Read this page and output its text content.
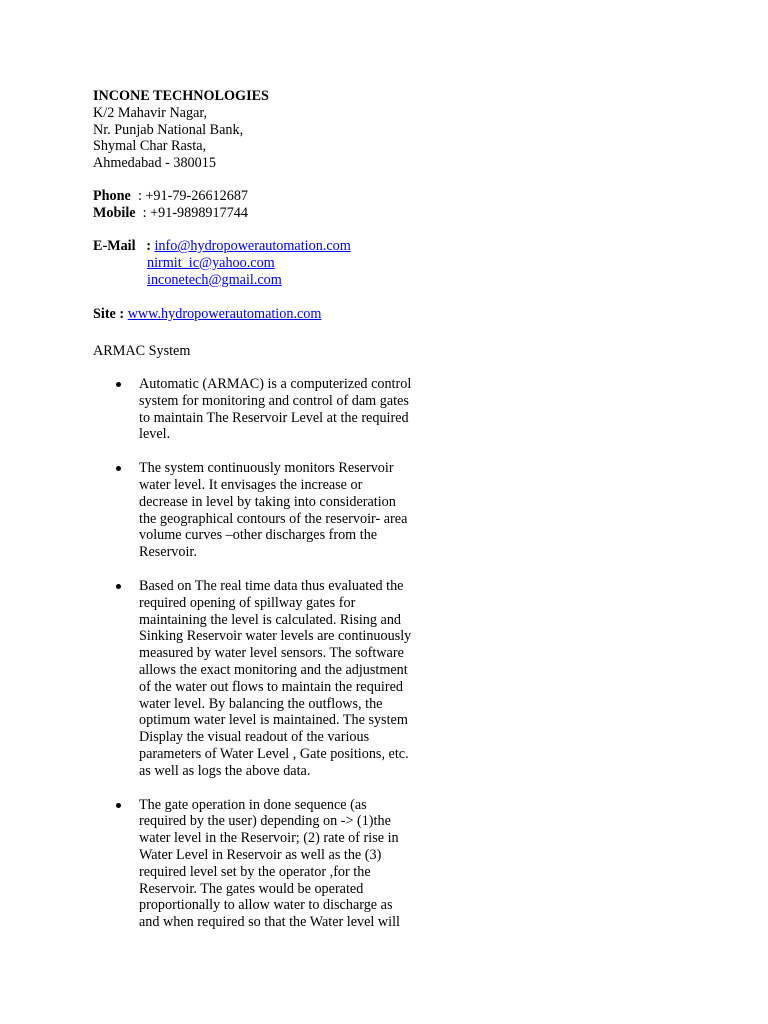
INCONE TECHNOLOGIES
K/2 Mahavir Nagar,
Nr. Punjab National Bank,
Shymal Char Rasta,
Ahmedabad - 380015
Phone : +91-79-26612687
Mobile : +91-9898917744
E-Mail : info@hydropowerautomation.com
nirmit_ic@yahoo.com
inconetech@gmail.com
Site : www.hydropowerautomation.com
ARMAC System
Automatic (ARMAC) is a computerized control
system for monitoring and control of dam gates
to maintain The Reservoir Level at the required
level.
The system continuously monitors Reservoir
water level. It envisages the increase or
decrease in level by taking into consideration
the geographical contours of the reservoir- area
volume curves –other discharges from the
Reservoir.
Based on The real time data thus evaluated the
required opening of spillway gates for
maintaining the level is calculated. Rising and
Sinking Reservoir water levels are continuously
measured by water level sensors. The software
allows the exact monitoring and the adjustment
of the water out flows to maintain the required
water level. By balancing the outflows, the
optimum water level is maintained. The system
Display the visual readout of the various
parameters of Water Level , Gate positions, etc.
as well as logs the above data.
The gate operation in done sequence (as
required by the user) depending on -> (1)the
water level in the Reservoir; (2) rate of rise in
Water Level in Reservoir as well as the (3)
required level set by the operator ,for the
Reservoir. The gates would be operated
proportionally to allow water to discharge as
and when required so that the Water level will
